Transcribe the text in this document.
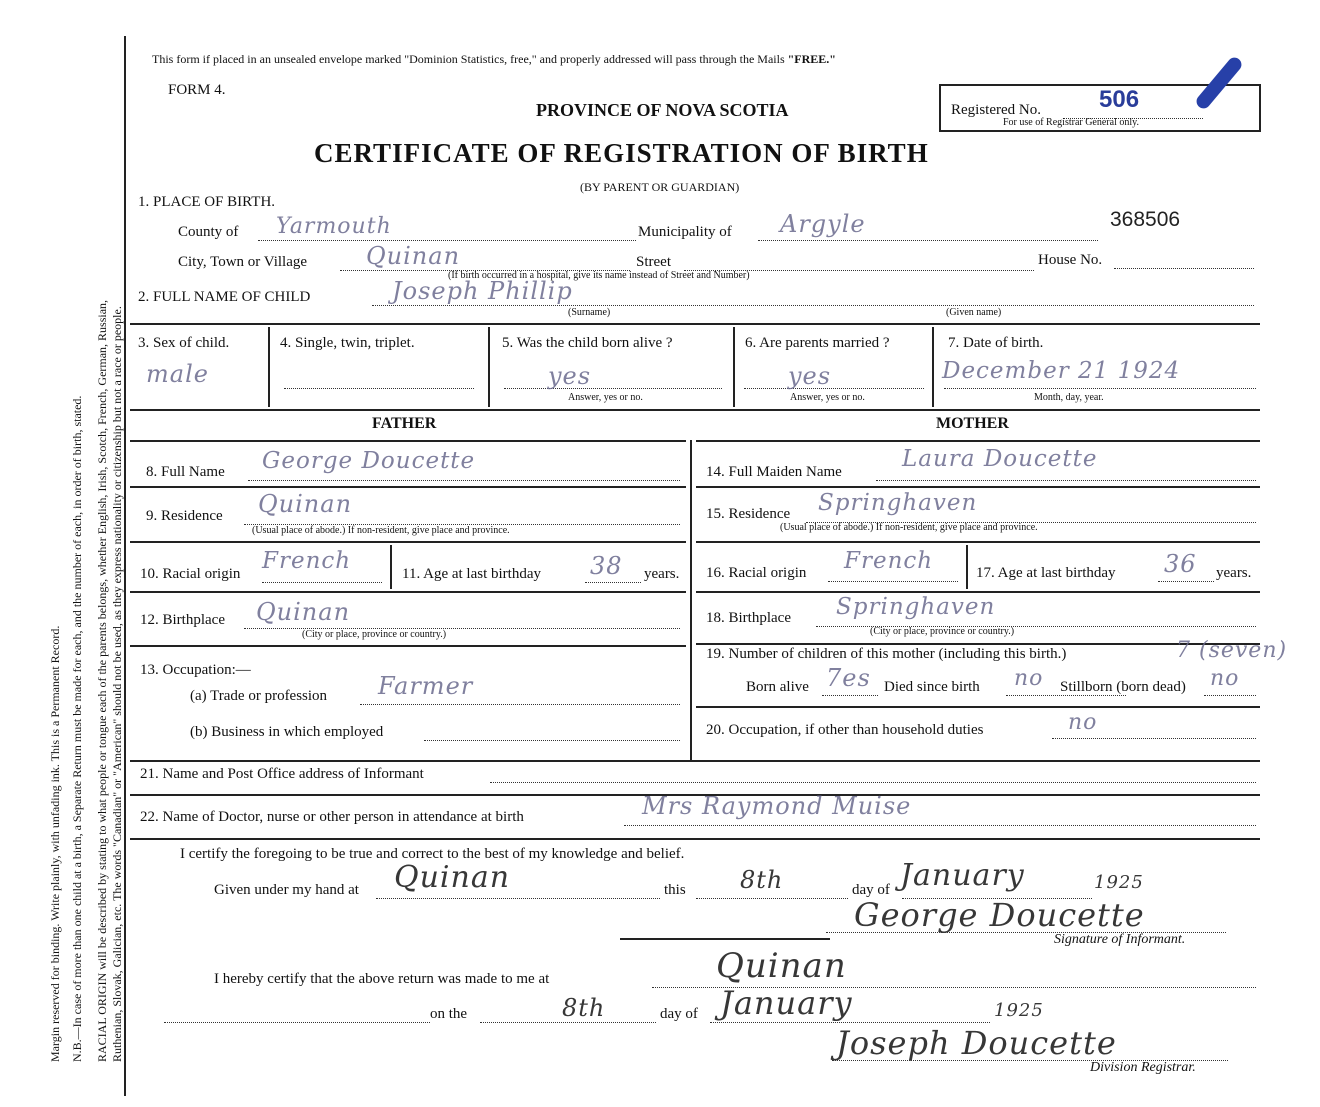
Margin reserved for binding. Write plainly, with unfading ink. This is a Permanent Record. N.B.—In case of more than one child at a birth, a Separate Return must be made for each, and the number of each, in order of birth, stated. RACIAL ORIGIN will be described by stating to what people or tongue each of the parents belongs, whether English, Irish, Scotch, French, German, Russian, Ruthenian, Slovak, Galician, etc. The words "Canadian" or "American" should not be used, as they express nationality or citizenship but not a race or people.
This form if placed in an unsealed envelope marked "Dominion Statistics, free," and properly addressed will pass through the Mails "FREE."
FORM 4.
PROVINCE OF NOVA SCOTIA	Registered No. 506
For use of Registrar General only.
CERTIFICATE OF REGISTRATION OF BIRTH
(BY PARENT OR GUARDIAN)
1. PLACE OF BIRTH.
368506
County of Yarmouth	Municipality of Argyle
City, Town or Village Quinan	Street	House No.
(If birth occurred in a hospital, give its name instead of Street and Number)
2. FULL NAME OF CHILD	Joseph Phillip
(Surname)	(Given name)
3. Sex of child.
male
4. Single, twin, triplet.	5. Was the child born alive ?
yes
Answer, yes or no.
6. Are parents married ?
yes
Answer, yes or no.
7. Date of birth.
December 21 1924
Month, day, year.
FATHER	MOTHER
8. Full Name George Doucette
9. Residence Quinan
(Usual place of abode.) If non-resident, give place and province.
10. Racial origin French	11. Age at last birthday 38 years.
12. Birthplace Quinan
(City or place, province or country.)
13. Occupation:—
(a) Trade or profession Farmer
(b) Business in which employed
14. Full Maiden Name	Laura Doucette
15. Residence Springhaven
(Usual place of abode.) If non-resident, give place and province.
16. Racial origin French	17. Age at last birthday 36 years.
18. Birthplace Springhaven
(City or place, province or country.)
19. Number of children of this mother (including this birth.)	7 (seven)
Born alive 7es Died since birth no Stillborn (born dead) no
20. Occupation, if other than household duties	no
21. Name and Post Office address of Informant
22. Name of Doctor, nurse or other person in attendance at birth	Mrs Raymond Muise
I certify the foregoing to be true and correct to the best of my knowledge and belief.
Given under my hand at Quinan	this 8th	day of January	1925
George Doucette
Signature of Informant.
I hereby certify that the above return was made to me at	Quinan
on the	8th	day of January	1925
Joseph Doucette
Division Registrar.
